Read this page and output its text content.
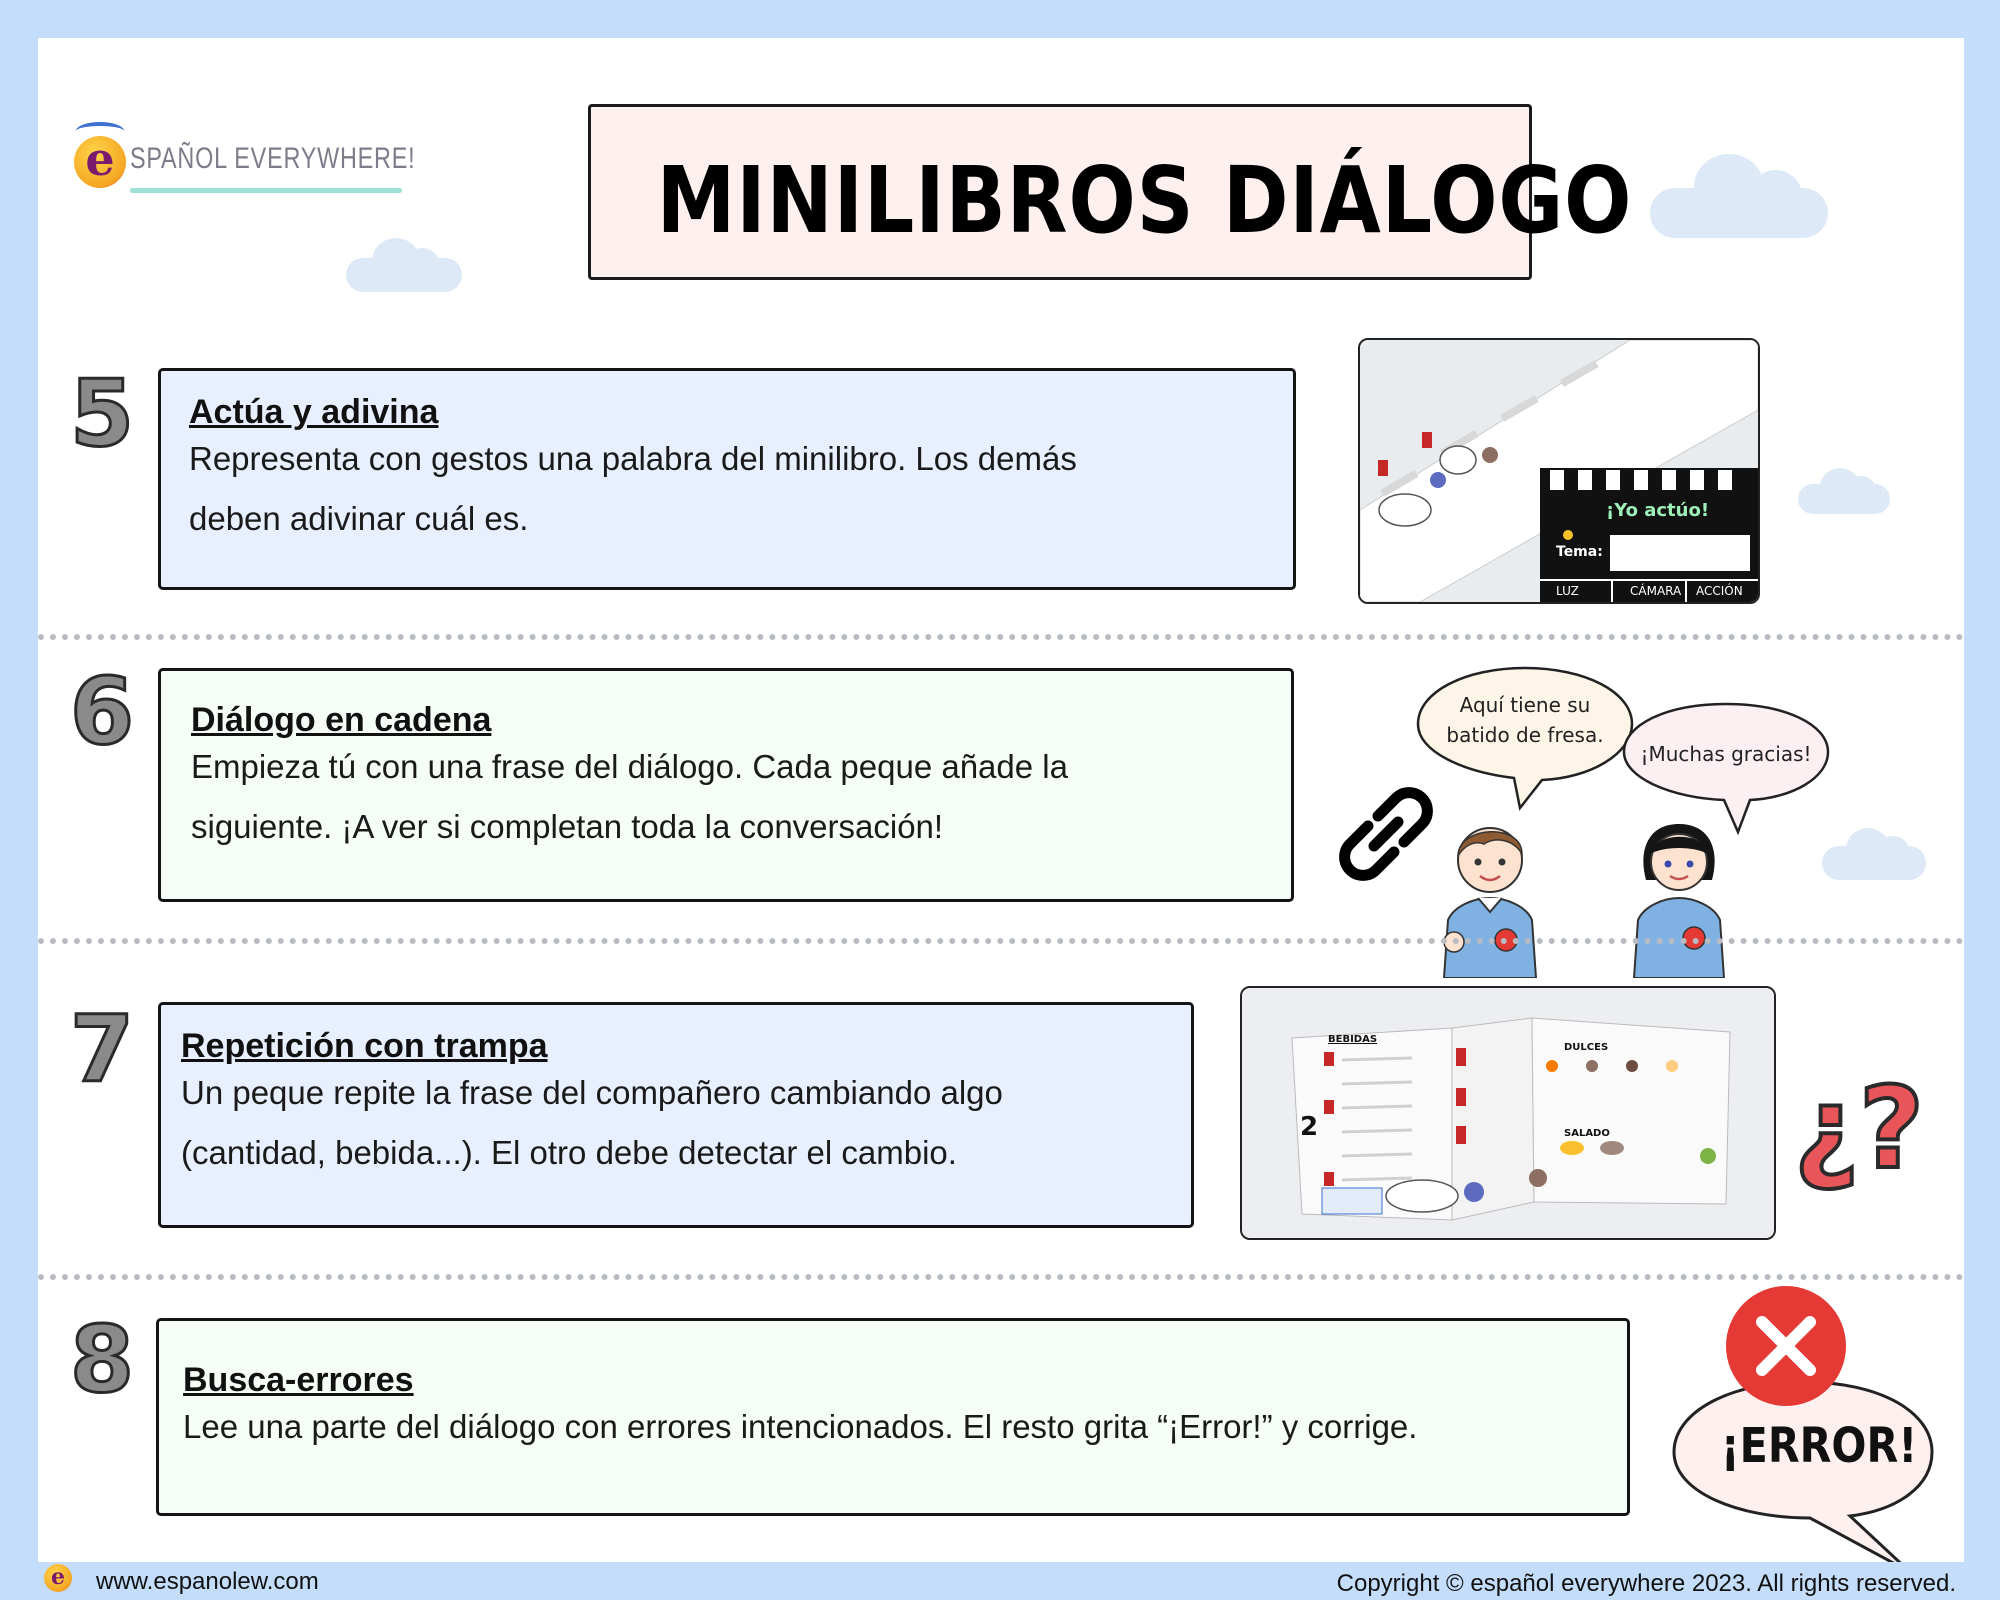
e SPAÑOL EVERYWHERE!	MINILIBROS DIÁLOGO
5 Actúa y adivina
Representa con gestos una palabra del minilibro. Los demás
deben adivinar cuál es.	¡Yo actúo!
Tema:
LUZ	CÁMARA ACCIÓN
6 Diálogo en cadena
Empieza tú con una frase del diálogo. Cada peque añade la
siguiente. ¡A ver si completan toda la conversación!
Aquí tiene su batido de fresa.
¡Muchas gracias!
7 Repetición con trampa
Un peque repite la frase del compañero cambiando algo
(cantidad, bebida...). El otro debe detectar el cambio.
2
BEBIDAS
DULCES
SALADO ¿?
8 Busca-errores
Lee una parte del diálogo con errores intencionados. El resto grita “¡Error!” y corrige.	¡ERROR!
e www.espanolew.com	Copyright © español everywhere 2023. All rights reserved.
